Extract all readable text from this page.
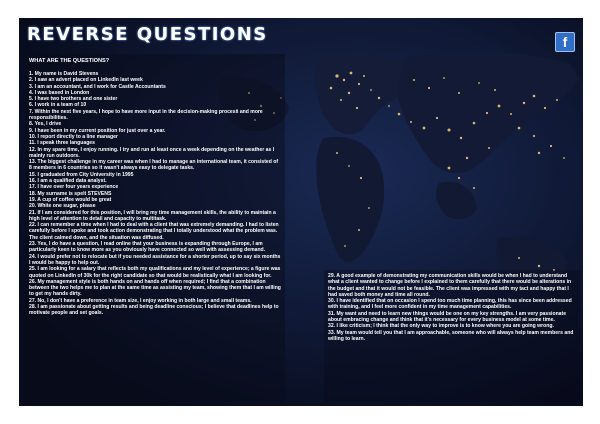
REVERSE QUESTIONS	f
WHAT ARE THE QUESTIONS?
1. My name is David Stevens
2. I saw an advert placed on LinkedIn last week
3. I am an accountant, and I work for Castle Accountants
4. I was based in London
5. I have two brothers and one sister
6. I work in a team of 10
7. Within the next five years, I hope to have more input in the decision-making process and more responsibilities.
8. Yes, I drive
9. I have been in my current position for just over a year.
10. I report directly to a line manager
11. I speak three languages
12. In my spare time, I enjoy running. I try and run at least once a week depending on the weather as I mainly run outdoors.
13. The biggest challenge in my career was when I had to manage an international team, it consisted of 8 members in 6 countries so it wasn't always easy to delegate tasks.
15. I graduated from City University in 1995
16. I am a qualified data analyst.
17. I have over four years experience
18. My surname is spelt STEVENS
19. A cup of coffee would be great
20. White one sugar, please
21. If I am considered for this position, I will bring my time management skills, the ability to maintain a high level of attention to detail and capacity to multitask.
22. I can remember a time when I had to deal with a client that was extremely demanding. I had to listen carefully before I spoke and took action demonstrating that I totally understood what the problem was. The client calmed down, and the situation was diffused.
23. Yes, I do have a question, I read online that your business is expanding through Europe, I am particularly keen to know more as you obviously have connected so well with assessing demand.
24. I would prefer not to relocate but if you needed assistance for a shorter period, up to say six months I would be happy to help out.
25. I am looking for a salary that reflects both my qualifications and my level of experience; a figure was quoted on LinkedIn of 30k for the right candidate so that would be realistically what I am looking for.
26. My management style is both hands on and hands off when required; I find that a combination between the two helps me to plan at the same time as assisting my team, showing them that I am willing to get my hands dirty.
27. No, I don't have a preference in team size, I enjoy working in both large and small teams.
28. I am passionate about getting results and being deadline conscious; I believe that deadlines help to motivate people and set goals.
29. A good example of demonstrating my communication skills would be when I had to understand what a client wanted to change before I explained to them carefully that there would be alterations in the budget and that it would not be feasible. The client was impressed with my tact and happy that I had saved both money and time all round.
30. I have identified that on occasion I spend too much time planning, this has since been addressed with training, and I feel more confident in my time management capabilities.
31. My want and need to learn new things would be one on my key strengths. I am very passionate about embracing change and think that it's necessary for every business model at some time.
32. I like criticism; I think that the only way to improve is to know where you are going wrong.
33. My team would tell you that I am approachable, someone who will always help team members and willing to learn.
